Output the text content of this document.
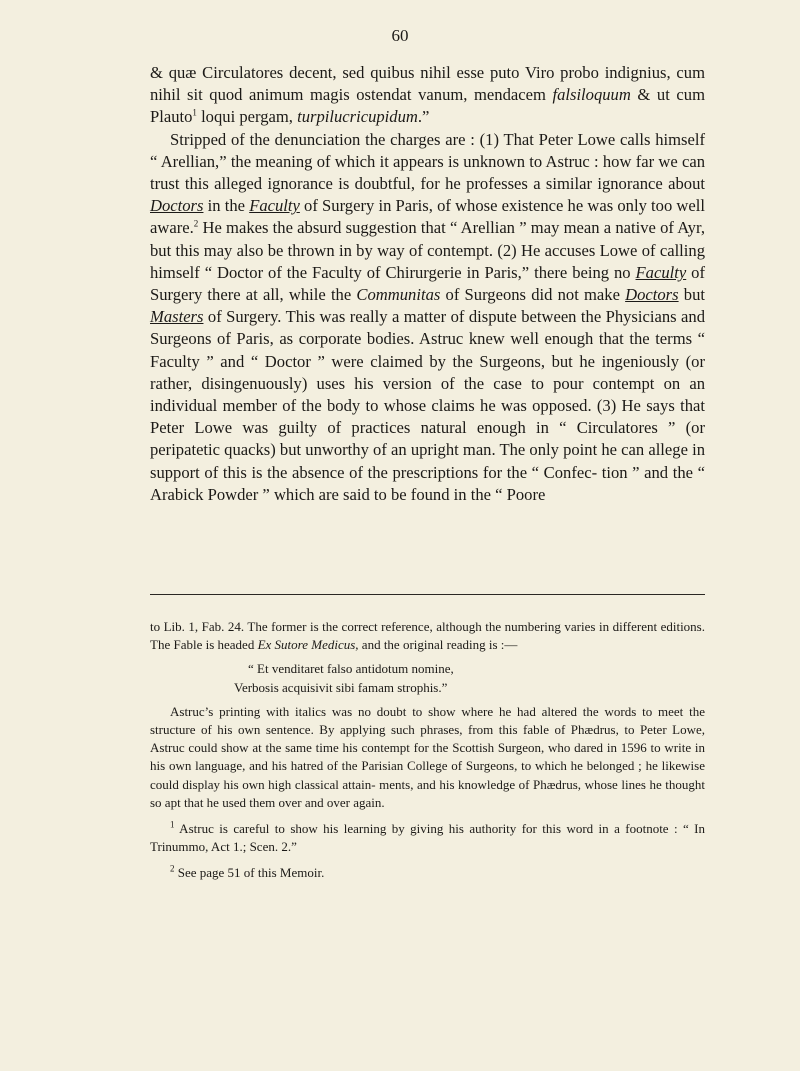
60

& quæ Circulatores decent, sed quibus nihil esse puto Viro probo indignius, cum nihil sit quod animum magis ostendat vanum, mendacem falsiloquum & ut cum Plauto$^1$ loqui pergam, turpilucricupidum.”

Stripped of the denunciation the charges are : (1) That Peter Lowe calls himself “ Arellian,” the meaning of which it appears is unknown to Astruc : how far we can trust this alleged ignorance is doubtful, for he professes a similar ignorance about Doctors in the Faculty of Surgery in Paris, of whose existence he was only too well aware.$^2$ He makes the absurd suggestion that “ Arellian ” may mean a native of Ayr, but this may also be thrown in by way of contempt. (2) He accuses Lowe of calling himself “ Doctor of the Faculty of Chirurgerie in Paris,” there being no Faculty of Surgery there at all, while the Communitas of Surgeons did not make Doctors but Masters of Surgery. This was really a matter of dispute between the Physicians and Surgeons of Paris, as corporate bodies. Astruc knew well enough that the terms “ Faculty ” and “ Doctor ” were claimed by the Surgeons, but he ingeniously (or rather, disingenuously) uses his version of the case to pour contempt on an individual member of the body to whose claims he was opposed. (3) He says that Peter Lowe was guilty of practices natural enough in “ Circulatores ” (or peripatetic quacks) but unworthy of an upright man. The only point he can allege in support of this is the absence of the prescriptions for the “ Confec- tion ” and the “ Arabick Powder ” which are said to be found in the “ Poore

to Lib. 1, Fab. 24. The former is the correct reference, although the numbering varies in different editions. The Fable is headed Ex Sutore Medicus, and the original reading is :—

“ Et venditaret falso antidotum nomine,
Verbosis acquisivit sibi famam strophis.”

Astruc’s printing with italics was no doubt to show where he had altered the words to meet the structure of his own sentence. By applying such phrases, from this fable of Phædrus, to Peter Lowe, Astruc could show at the same time his contempt for the Scottish Surgeon, who dared in 1596 to write in his own language, and his hatred of the Parisian College of Surgeons, to which he belonged ; he likewise could display his own high classical attain- ments, and his knowledge of Phædrus, whose lines he thought so apt that he used them over and over again.

$^1$ Astruc is careful to show his learning by giving his authority for this word in a footnote : “ In Trinummo, Act 1.; Scen. 2.”

$^2$ See page 51 of this Memoir.
